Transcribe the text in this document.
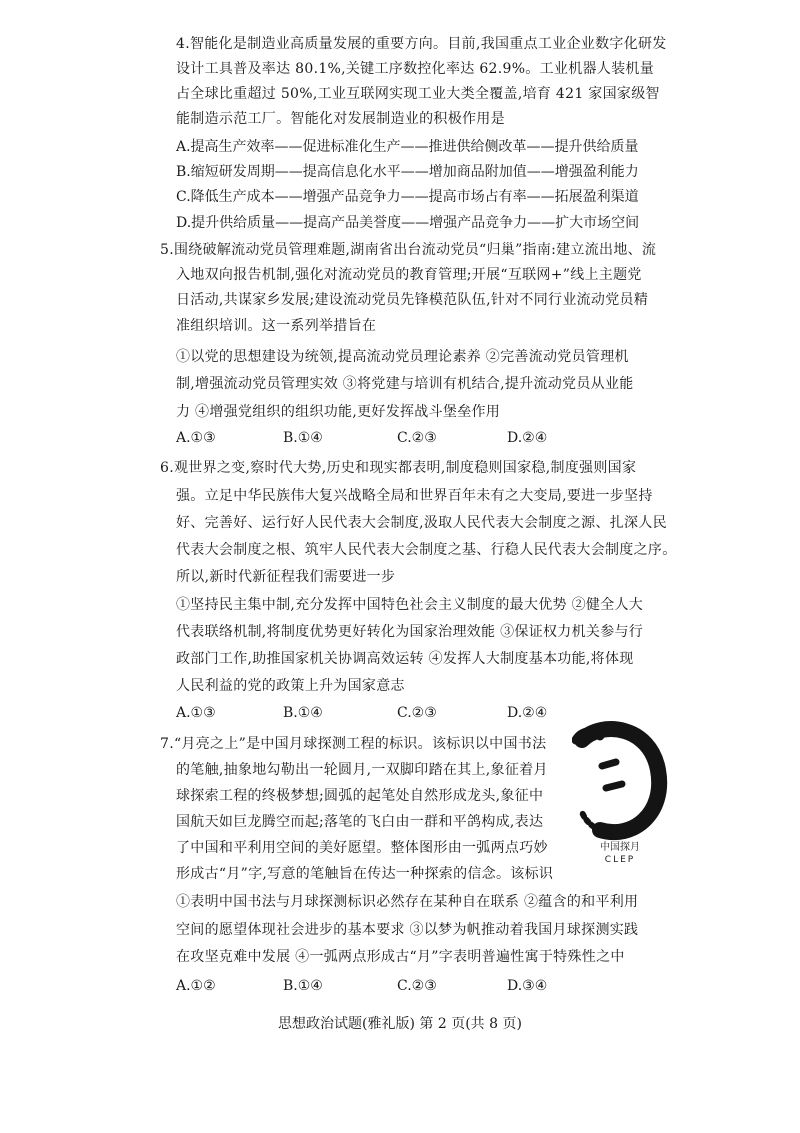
4.智能化是制造业高质量发展的重要方向。目前,我国重点工业企业数字化研发
设计工具普及率达 80.1%,关键工序数控化率达 62.9%。工业机器人装机量
占全球比重超过 50%,工业互联网实现工业大类全覆盖,培育 421 家国家级智
能制造示范工厂。智能化对发展制造业的积极作用是
A.提高生产效率——促进标准化生产——推进供给侧改革——提升供给质量
B.缩短研发周期——提高信息化水平——增加商品附加值——增强盈利能力
C.降低生产成本——增强产品竞争力——提高市场占有率——拓展盈利渠道
D.提升供给质量——提高产品美誉度——增强产品竞争力——扩大市场空间
5.围绕破解流动党员管理难题,湖南省出台流动党员“归巢”指南:建立流出地、流
入地双向报告机制,强化对流动党员的教育管理;开展“互联网+”线上主题党
日活动,共谋家乡发展;建设流动党员先锋模范队伍,针对不同行业流动党员精
准组织培训。这一系列举措旨在
①以党的思想建设为统领,提高流动党员理论素养 ②完善流动党员管理机
制,增强流动党员管理实效 ③将党建与培训有机结合,提升流动党员从业能
力 ④增强党组织的组织功能,更好发挥战斗堡垒作用
A.①③	B.①④	C.②③	D.②④
6.观世界之变,察时代大势,历史和现实都表明,制度稳则国家稳,制度强则国家
强。立足中华民族伟大复兴战略全局和世界百年未有之大变局,要进一步坚持
好、完善好、运行好人民代表大会制度,汲取人民代表大会制度之源、扎深人民
代表大会制度之根、筑牢人民代表大会制度之基、行稳人民代表大会制度之序。
所以,新时代新征程我们需要进一步
①坚持民主集中制,充分发挥中国特色社会主义制度的最大优势 ②健全人大
代表联络机制,将制度优势更好转化为国家治理效能 ③保证权力机关参与行
政部门工作,助推国家机关协调高效运转 ④发挥人大制度基本功能,将体现
人民利益的党的政策上升为国家意志
A.①③	B.①④	C.②③	D.②④
7.“月亮之上”是中国月球探测工程的标识。该标识以中国书法
的笔触,抽象地勾勒出一轮圆月,一双脚印踏在其上,象征着月
球探索工程的终极梦想;圆弧的起笔处自然形成龙头,象征中
国航天如巨龙腾空而起;落笔的飞白由一群和平鸽构成,表达
了中国和平利用空间的美好愿望。整体图形由一弧两点巧妙
形成古“月”字,写意的笔触旨在传达一种探索的信念。该标识
①表明中国书法与月球探测标识必然存在某种自在联系 ②蕴含的和平利用
空间的愿望体现社会进步的基本要求 ③以梦为帆推动着我国月球探测实践
在攻坚克难中发展 ④一弧两点形成古“月”字表明普遍性寓于特殊性之中
A.①②	B.①④	C.②③	D.③④
中国探月
CLEP
思想政治试题(雅礼版) 第 2 页(共 8 页)
